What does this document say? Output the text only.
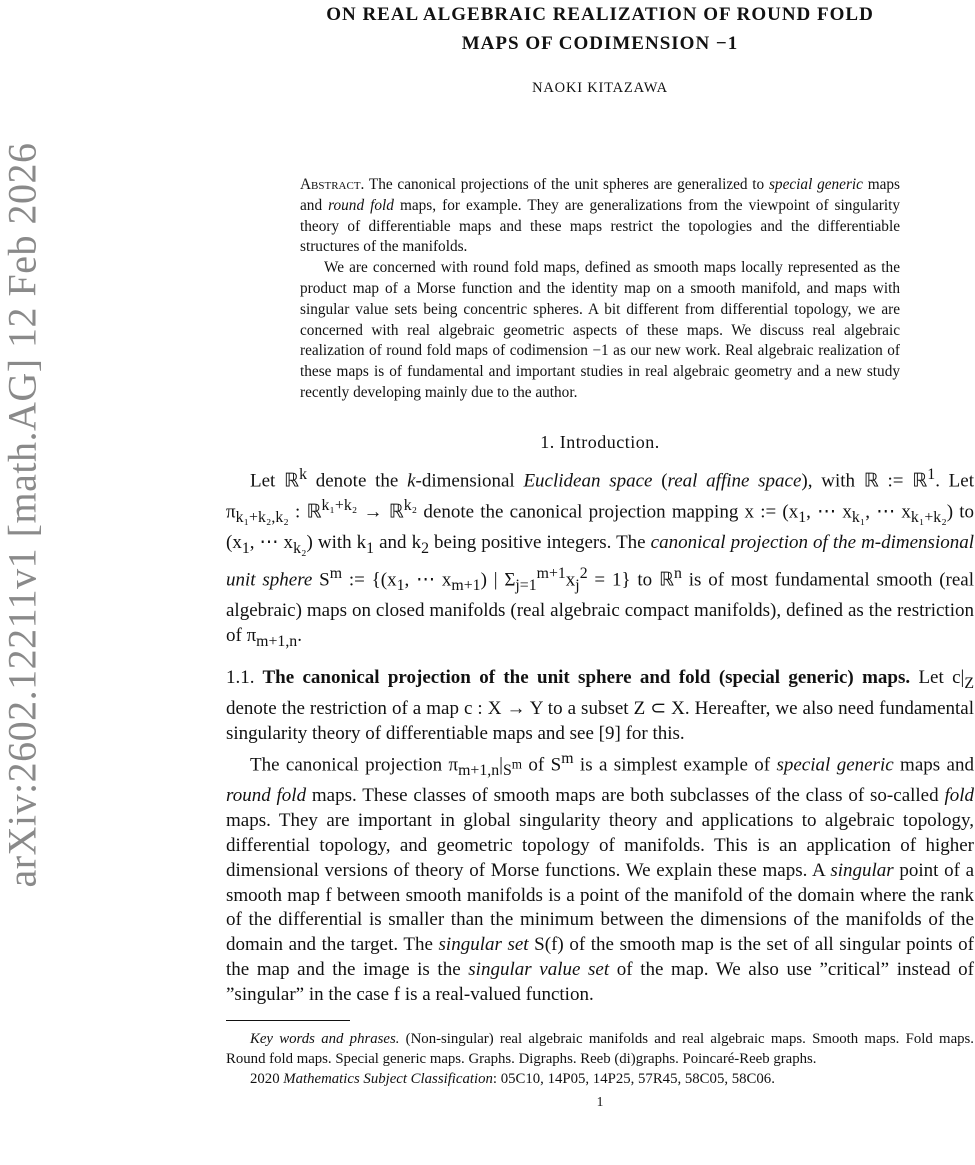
arXiv:2602.12211v1 [math.AG] 12 Feb 2026
ON REAL ALGEBRAIC REALIZATION OF ROUND FOLD
MAPS OF CODIMENSION −1
NAOKI KITAZAWA

Abstract. The canonical projections of the unit spheres are generalized to special generic maps and round fold maps, for example. They are generalizations from the viewpoint of singularity theory of differentiable maps and these maps restrict the topologies and the differentiable structures of the manifolds.

We are concerned with round fold maps, defined as smooth maps locally represented as the product map of a Morse function and the identity map on a smooth manifold, and maps with singular value sets being concentric spheres. A bit different from differential topology, we are concerned with real algebraic geometric aspects of these maps. We discuss real algebraic realization of round fold maps of codimension −1 as our new work. Real algebraic realization of these maps is of fundamental and important studies in real algebraic geometry and a new study recently developing mainly due to the author.

1. Introduction.

Let ℝ$^k$ denote the k-dimensional Euclidean space (real affine space), with ℝ := ℝ$^1$. Let $\pi_{k_1+k_2,k_2}$ : ℝ$^{k_1+k_2}$ → ℝ$^{k_2}$ denote the canonical projection mapping x := ($x_1$, ⋯ $x_{k_1}$, ⋯ $x_{k_1+k_2}$) to ($x_1$, ⋯ $x_{k_2}$) with $k_1$ and $k_2$ being positive integers. The canonical projection of the m-dimensional unit sphere $S^m$ := {($x_1$, ⋯ $x_{m+1}$) | $\Sigma_{j=1}^{m+1}x_j^2 = 1$} to ℝ$^n$ is of most fundamental smooth (real algebraic) maps on closed manifolds (real algebraic compact manifolds), defined as the restriction of $\pi_{m+1,n}$.

1.1. The canonical projection of the unit sphere and fold (special generic) maps. Let $c|_Z$ denote the restriction of a map c : X → Y to a subset Z ⊂ X. Hereafter, we also need fundamental singularity theory of differentiable maps and see [9] for this.

The canonical projection $\pi_{m+1,n}|_{S^m}$ of $S^m$ is a simplest example of special generic maps and round fold maps. These classes of smooth maps are both subclasses of the class of so-called fold maps. They are important in global singularity theory and applications to algebraic topology, differential topology, and geometric topology of manifolds. This is an application of higher dimensional versions of theory of Morse functions. We explain these maps. A singular point of a smooth map f between smooth manifolds is a point of the manifold of the domain where the rank of the differential is smaller than the minimum between the dimensions of the manifolds of the domain and the target. The singular set S(f) of the smooth map is the set of all singular points of the map and the image is the singular value set of the map. We also use ”critical” instead of ”singular” in the case f is a real-valued function.

Key words and phrases. (Non-singular) real algebraic manifolds and real algebraic maps. Smooth maps. Fold maps. Round fold maps. Special generic maps. Graphs. Digraphs. Reeb (di)graphs. Poincaré-Reeb graphs.

2020 Mathematics Subject Classification: 05C10, 14P05, 14P25, 57R45, 58C05, 58C06.

1
